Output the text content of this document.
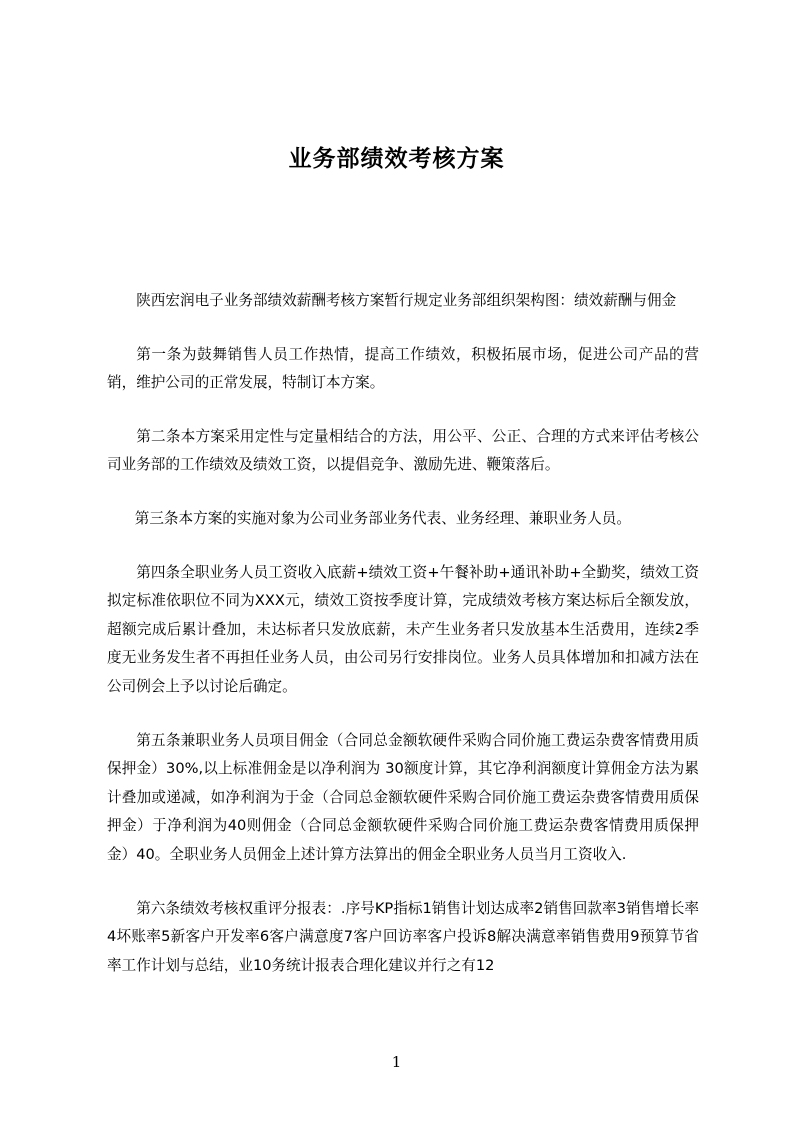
业务部绩效考核方案

陕西宏润电子业务部绩效薪酬考核方案暂行规定业务部组织架构图：绩效薪酬与佣金

第一条为鼓舞销售人员工作热情，提高工作绩效，积极拓展市场，促进公司产品的营销，维护公司的正常发展，特制订本方案。

第二条本方案采用定性与定量相结合的方法，用公平、公正、合理的方式来评估考核公司业务部的工作绩效及绩效工资，以提倡竞争、激励先进、鞭策落后。

第三条本方案的实施对象为公司业务部业务代表、业务经理、兼职业务人员。

第四条全职业务人员工资收入底薪+绩效工资+午餐补助+通讯补助+全勤奖，绩效工资拟定标准依职位不同为XXX元，绩效工资按季度计算，完成绩效考核方案达标后全额发放，超额完成后累计叠加，未达标者只发放底薪，未产生业务者只发放基本生活费用，连续2季度无业务发生者不再担任业务人员，由公司另行安排岗位。业务人员具体增加和扣减方法在公司例会上予以讨论后确定。

第五条兼职业务人员项目佣金（合同总金额软硬件采购合同价施工费运杂费客情费用质保押金）30%,以上标准佣金是以净利润为 30额度计算，其它净利润额度计算佣金方法为累计叠加或递减，如净利润为于金（合同总金额软硬件采购合同价施工费运杂费客情费用质保押金）于净利润为40则佣金（合同总金额软硬件采购合同价施工费运杂费客情费用质保押金）40。全职业务人员佣金上述计算方法算出的佣金全职业务人员当月工资收入.

第六条绩效考核权重评分报表：.序号KP指标1销售计划达成率2销售回款率3销售增长率4坏账率5新客户开发率6客户满意度7客户回访率客户投诉8解决满意率销售费用9预算节省率工作计划与总结，业10务统计报表合理化建议并行之有12

1
